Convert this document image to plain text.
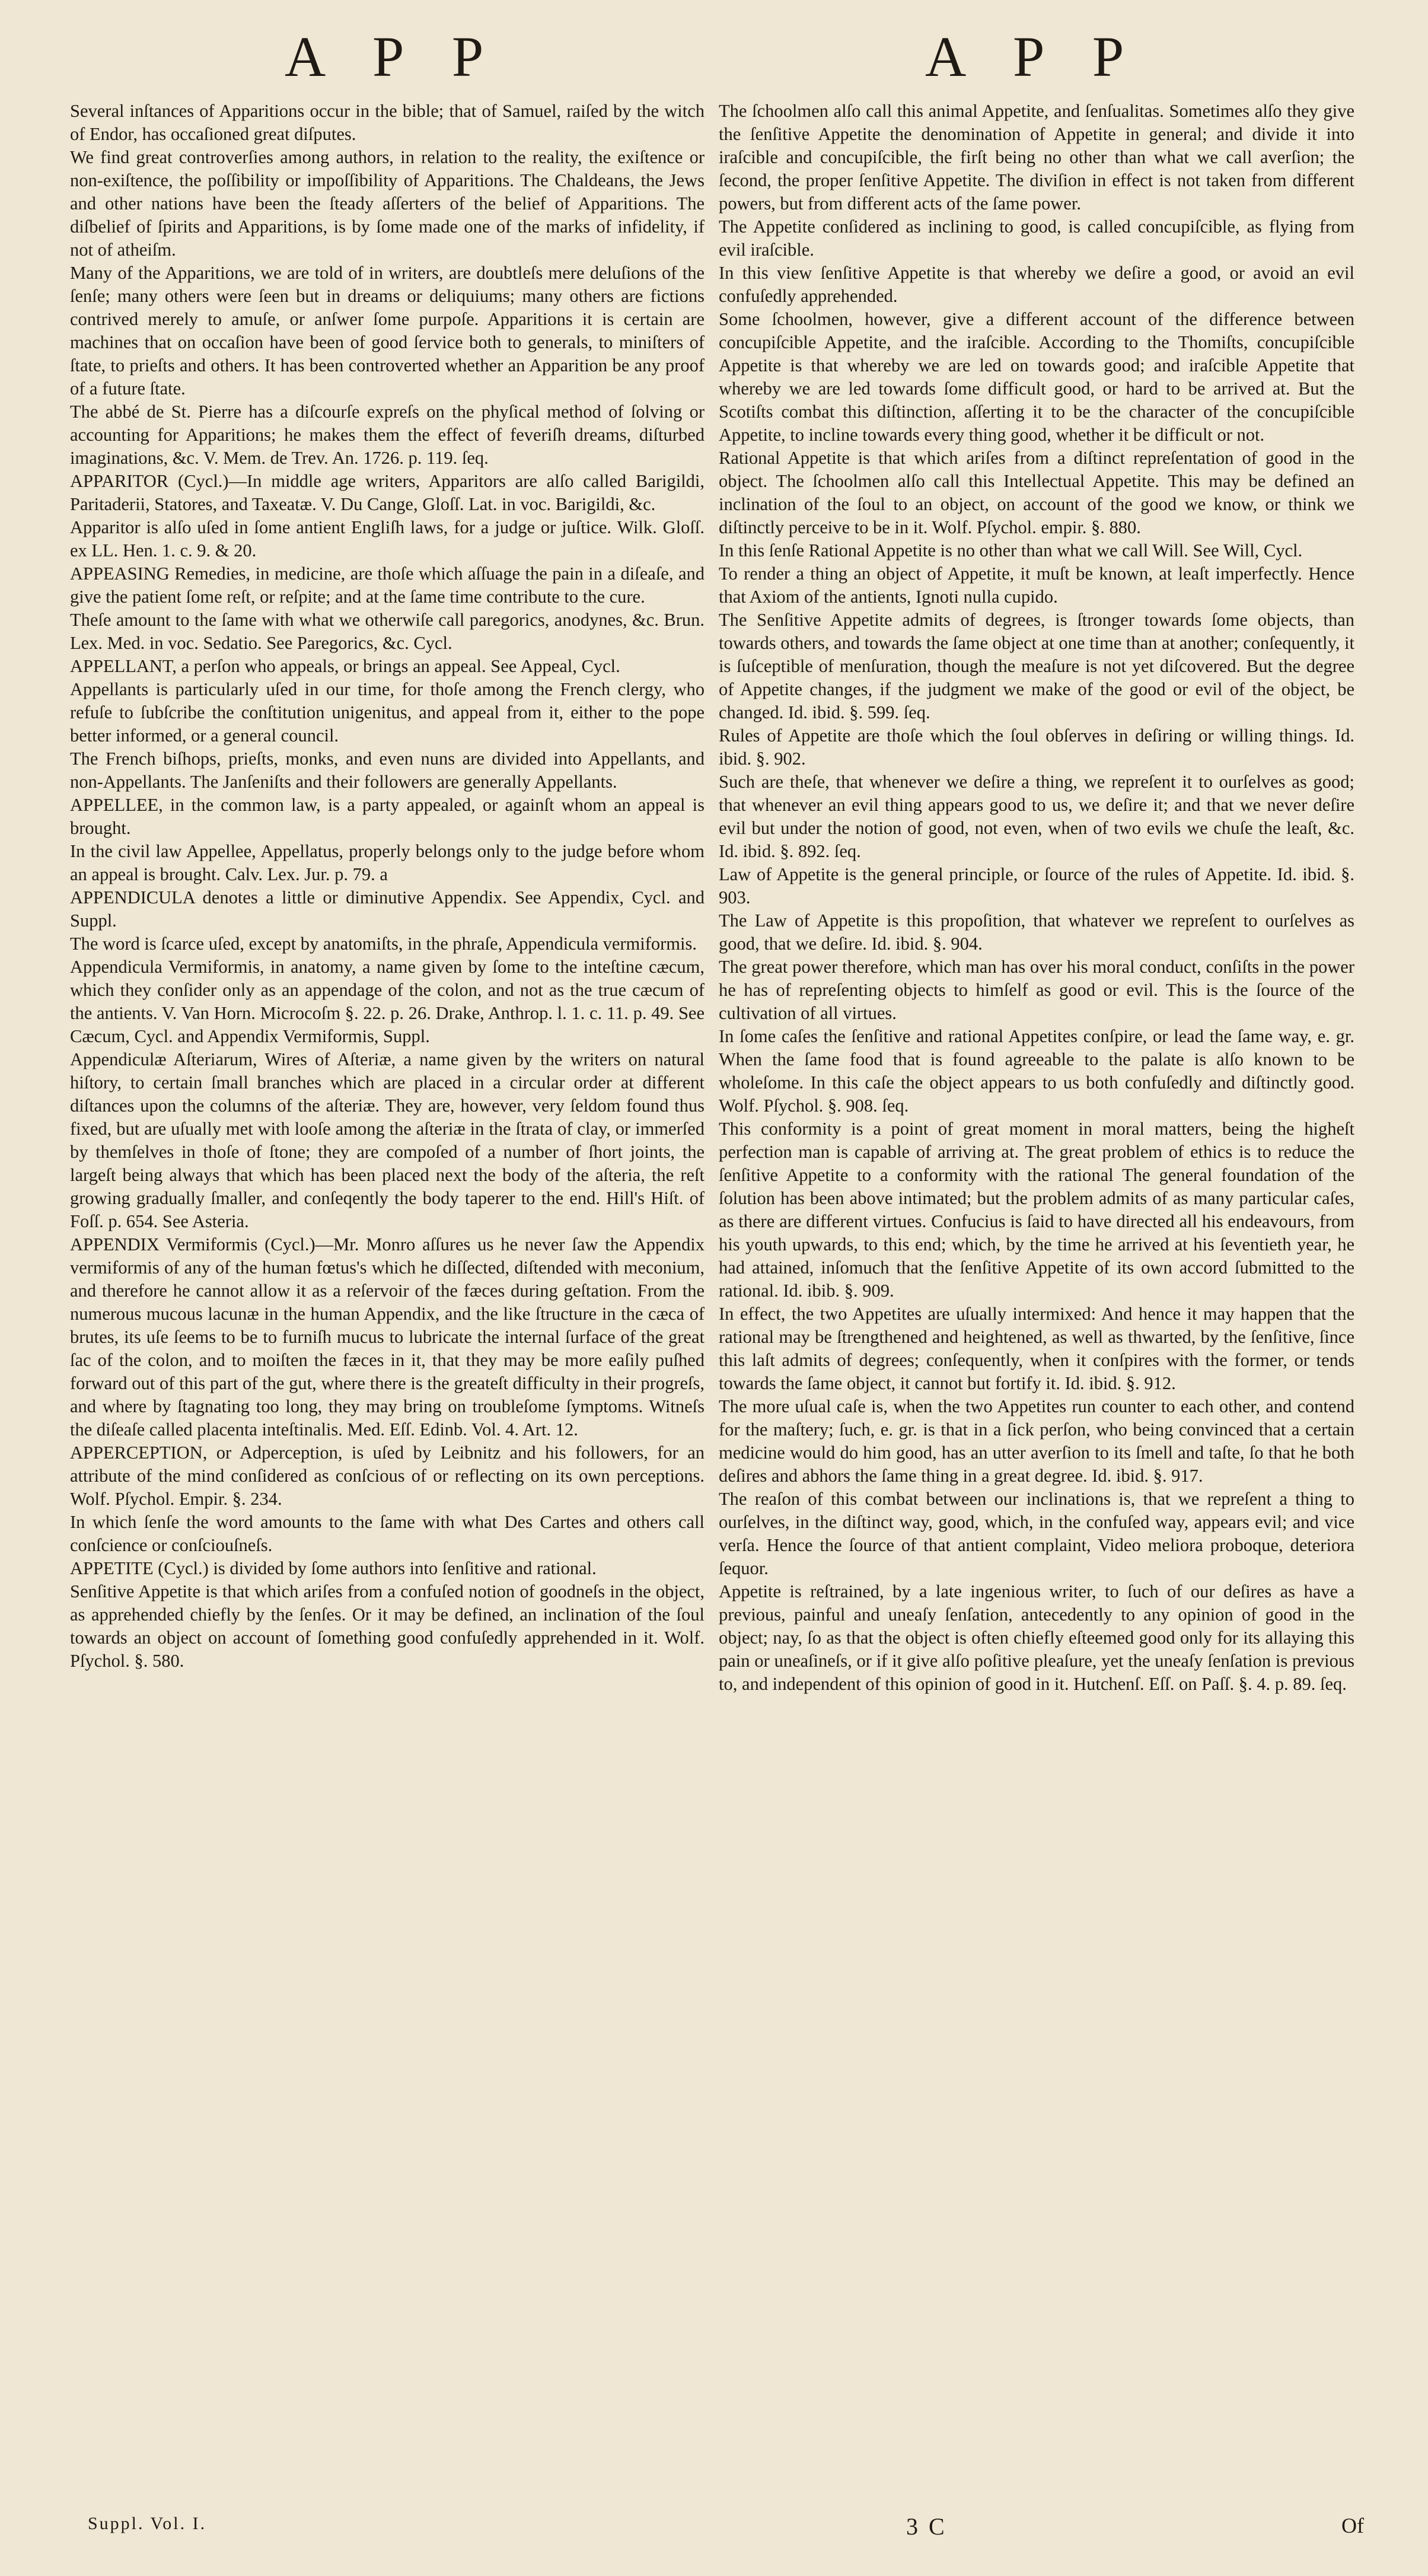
A P P	A P P

Several inſtances of Apparitions occur in the bible; that of Samuel, raiſed by the witch of Endor, has occaſioned great diſputes.

We find great controverſies among authors, in relation to the reality, the exiſtence or non-exiſtence, the poſſibility or impoſſibility of Apparitions. The Chaldeans, the Jews and other nations have been the ſteady aſſerters of the belief of Apparitions. The diſbelief of ſpirits and Apparitions, is by ſome made one of the marks of infidelity, if not of atheiſm.

Many of the Apparitions, we are told of in writers, are doubtleſs mere deluſions of the ſenſe; many others were ſeen but in dreams or deliquiums; many others are fictions contrived merely to amuſe, or anſwer ſome purpoſe. Apparitions it is certain are machines that on occaſion have been of good ſervice both to generals, to miniſters of ſtate, to prieſts and others. It has been controverted whether an Apparition be any proof of a future ſtate.

The abbé de St. Pierre has a diſcourſe expreſs on the phyſical method of ſolving or accounting for Apparitions; he makes them the effect of feveriſh dreams, diſturbed imaginations, &c. V. Mem. de Trev. An. 1726. p. 119. ſeq.

APPARITOR (Cycl.)—In middle age writers, Apparitors are alſo called Barigildi, Paritaderii, Statores, and Taxeatæ. V. Du Cange, Gloſſ. Lat. in voc. Barigildi, &c.

Apparitor is alſo uſed in ſome antient Engliſh laws, for a judge or juſtice. Wilk. Gloſſ. ex LL. Hen. 1. c. 9. & 20.

APPEASING Remedies, in medicine, are thoſe which aſſuage the pain in a diſeaſe, and give the patient ſome reſt, or reſpite; and at the ſame time contribute to the cure.

Theſe amount to the ſame with what we otherwiſe call paregorics, anodynes, &c. Brun. Lex. Med. in voc. Sedatio. See Paregorics, &c. Cycl.

APPELLANT, a perſon who appeals, or brings an appeal. See Appeal, Cycl.

Appellants is particularly uſed in our time, for thoſe among the French clergy, who refuſe to ſubſcribe the conſtitution unigenitus, and appeal from it, either to the pope better informed, or a general council.

The French biſhops, prieſts, monks, and even nuns are divided into Appellants, and non-Appellants. The Janſeniſts and their followers are generally Appellants.

APPELLEE, in the common law, is a party appealed, or againſt whom an appeal is brought.

In the civil law Appellee, Appellatus, properly belongs only to the judge before whom an appeal is brought. Calv. Lex. Jur. p. 79. a

APPENDICULA denotes a little or diminutive Appendix. See Appendix, Cycl. and Suppl.

The word is ſcarce uſed, except by anatomiſts, in the phraſe, Appendicula vermiformis.

Appendicula Vermiformis, in anatomy, a name given by ſome to the inteſtine cæcum, which they conſider only as an appendage of the colon, and not as the true cæcum of the antients. V. Van Horn. Microcoſm §. 22. p. 26. Drake, Anthrop. l. 1. c. 11. p. 49. See Cæcum, Cycl. and Appendix Vermiformis, Suppl.

Appendiculæ Aſteriarum, Wires of Aſteriæ, a name given by the writers on natural hiſtory, to certain ſmall branches which are placed in a circular order at different diſtances upon the columns of the aſteriæ. They are, however, very ſeldom found thus fixed, but are uſually met with looſe among the aſteriæ in the ſtrata of clay, or immerſed by themſelves in thoſe of ſtone; they are compoſed of a number of ſhort joints, the largeſt being always that which has been placed next the body of the aſteria, the reſt growing gradually ſmaller, and conſeqently the body taperer to the end. Hill's Hiſt. of Foſſ. p. 654. See Asteria.

APPENDIX Vermiformis (Cycl.)—Mr. Monro aſſures us he never ſaw the Appendix vermiformis of any of the human fœtus's which he diſſected, diſtended with meconium, and therefore he cannot allow it as a reſervoir of the fæces during geſtation. From the numerous mucous lacunæ in the human Appendix, and the like ſtructure in the cæca of brutes, its uſe ſeems to be to furniſh mucus to lubricate the internal ſurface of the great ſac of the colon, and to moiſten the fæces in it, that they may be more eaſily puſhed forward out of this part of the gut, where there is the greateſt difficulty in their progreſs, and where by ſtagnating too long, they may bring on troubleſome ſymptoms. Witneſs the diſeaſe called placenta inteſtinalis. Med. Eſſ. Edinb. Vol. 4. Art. 12.

APPERCEPTION, or Adperception, is uſed by Leibnitz and his followers, for an attribute of the mind conſidered as conſcious of or reflecting on its own perceptions. Wolf. Pſychol. Empir. §. 234.

In which ſenſe the word amounts to the ſame with what Des Cartes and others call conſcience or conſciouſneſs.

APPETITE (Cycl.) is divided by ſome authors into ſenſitive and rational.

Senſitive Appetite is that which ariſes from a confuſed notion of goodneſs in the object, as apprehended chiefly by the ſenſes. Or it may be defined, an inclination of the ſoul towards an object on account of ſomething good confuſedly apprehended in it. Wolf. Pſychol. §. 580.

The ſchoolmen alſo call this animal Appetite, and ſenſualitas. Sometimes alſo they give the ſenſitive Appetite the denomination of Appetite in general; and divide it into iraſcible and concupiſcible, the firſt being no other than what we call averſion; the ſecond, the proper ſenſitive Appetite. The diviſion in effect is not taken from different powers, but from different acts of the ſame power.

The Appetite conſidered as inclining to good, is called concupiſcible, as flying from evil iraſcible.

In this view ſenſitive Appetite is that whereby we deſire a good, or avoid an evil confuſedly apprehended.

Some ſchoolmen, however, give a different account of the difference between concupiſcible Appetite, and the iraſcible. According to the Thomiſts, concupiſcible Appetite is that whereby we are led on towards good; and iraſcible Appetite that whereby we are led towards ſome difficult good, or hard to be arrived at. But the Scotiſts combat this diſtinction, aſſerting it to be the character of the concupiſcible Appetite, to incline towards every thing good, whether it be difficult or not.

Rational Appetite is that which ariſes from a diſtinct repreſentation of good in the object. The ſchoolmen alſo call this Intellectual Appetite. This may be defined an inclination of the ſoul to an object, on account of the good we know, or think we diſtinctly perceive to be in it. Wolf. Pſychol. empir. §. 880.

In this ſenſe Rational Appetite is no other than what we call Will. See Will, Cycl.

To render a thing an object of Appetite, it muſt be known, at leaſt imperfectly. Hence that Axiom of the antients, Ignoti nulla cupido.

The Senſitive Appetite admits of degrees, is ſtronger towards ſome objects, than towards others, and towards the ſame object at one time than at another; conſequently, it is ſuſceptible of menſuration, though the meaſure is not yet diſcovered. But the degree of Appetite changes, if the judgment we make of the good or evil of the object, be changed. Id. ibid. §. 599. ſeq.

Rules of Appetite are thoſe which the ſoul obſerves in deſiring or willing things. Id. ibid. §. 902.

Such are theſe, that whenever we deſire a thing, we repreſent it to ourſelves as good; that whenever an evil thing appears good to us, we deſire it; and that we never deſire evil but under the notion of good, not even, when of two evils we chuſe the leaſt, &c. Id. ibid. §. 892. ſeq.

Law of Appetite is the general principle, or ſource of the rules of Appetite. Id. ibid. §. 903.

The Law of Appetite is this propoſition, that whatever we repreſent to ourſelves as good, that we deſire. Id. ibid. §. 904.

The great power therefore, which man has over his moral conduct, conſiſts in the power he has of repreſenting objects to himſelf as good or evil. This is the ſource of the cultivation of all virtues.

In ſome caſes the ſenſitive and rational Appetites conſpire, or lead the ſame way, e. gr. When the ſame food that is found agreeable to the palate is alſo known to be wholeſome. In this caſe the object appears to us both confuſedly and diſtinctly good. Wolf. Pſychol. §. 908. ſeq.

This conformity is a point of great moment in moral matters, being the higheſt perfection man is capable of arriving at. The great problem of ethics is to reduce the ſenſitive Appetite to a conformity with the rational The general foundation of the ſolution has been above intimated; but the problem admits of as many particular caſes, as there are different virtues. Confucius is ſaid to have directed all his endeavours, from his youth upwards, to this end; which, by the time he arrived at his ſeventieth year, he had attained, inſomuch that the ſenſitive Appetite of its own accord ſubmitted to the rational. Id. ibib. §. 909.

In effect, the two Appetites are uſually intermixed: And hence it may happen that the rational may be ſtrengthened and heightened, as well as thwarted, by the ſenſitive, ſince this laſt admits of degrees; conſequently, when it conſpires with the former, or tends towards the ſame object, it cannot but fortify it. Id. ibid. §. 912.

The more uſual caſe is, when the two Appetites run counter to each other, and contend for the maſtery; ſuch, e. gr. is that in a ſick perſon, who being convinced that a certain medicine would do him good, has an utter averſion to its ſmell and taſte, ſo that he both deſires and abhors the ſame thing in a great degree. Id. ibid. §. 917.

The reaſon of this combat between our inclinations is, that we repreſent a thing to ourſelves, in the diſtinct way, good, which, in the confuſed way, appears evil; and vice verſa. Hence the ſource of that antient complaint, Video meliora proboque, deteriora ſequor.

Appetite is reſtrained, by a late ingenious writer, to ſuch of our deſires as have a previous, painful and uneaſy ſenſation, antecedently to any opinion of good in the object; nay, ſo as that the object is often chiefly eſteemed good only for its allaying this pain or uneaſineſs, or if it give alſo poſitive pleaſure, yet the uneaſy ſenſation is previous to, and independent of this opinion of good in it. Hutchenſ. Eſſ. on Paſſ. §. 4. p. 89. ſeq.

Suppl. Vol. I.	3 C	Of
